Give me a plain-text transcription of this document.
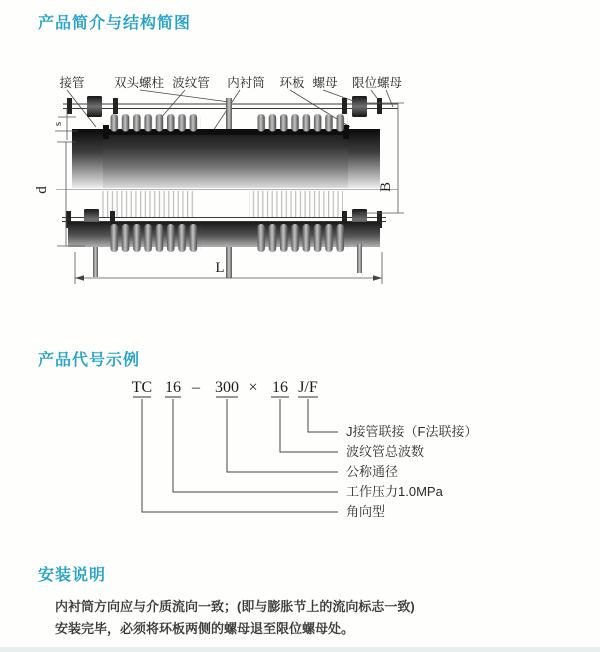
产品简介与结构简图
接管 双头螺柱 波纹管 内衬筒 环板 螺母 限位螺母
s
d	B
L
产品代号示例
TC 16 – 300 × 16 J/F
J接管联接（F法联接）
波纹管总波数
公称通径
工作压力1.0MPa
角向型
安装说明

内衬筒方向应与介质流向一致；(即与膨胀节上的流向标志一致)

安装完毕，必须将环板两侧的螺母退至限位螺母处。
